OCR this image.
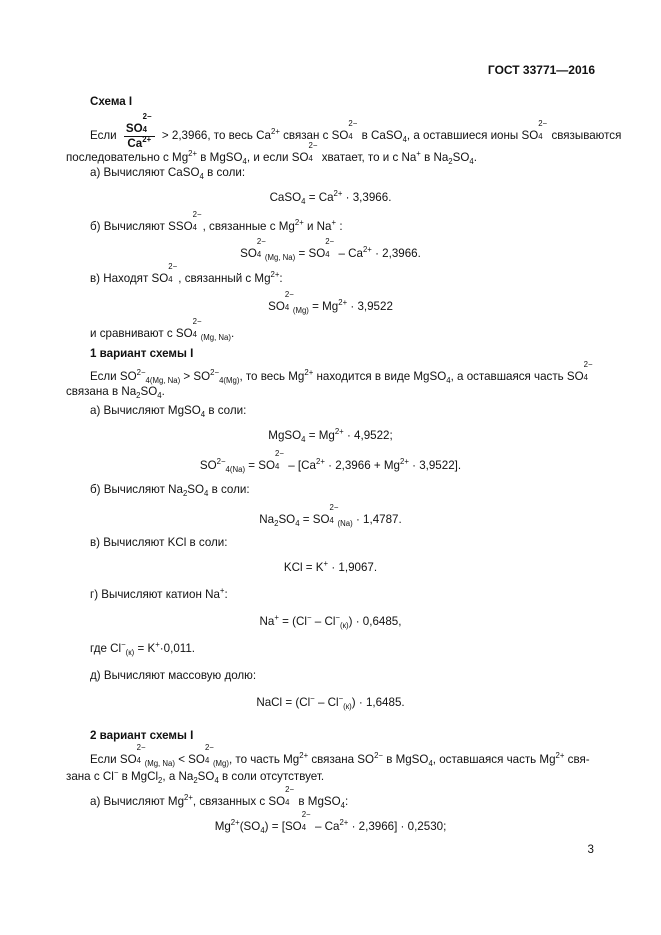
ГОСТ 33771—2016
Схема I
Если SO
2−
4
$Ca^{2+} > 2,3966$, то весь $Ca^{2+}$ связан с SO
2−
4 в CaSO$_4$, а оставшиеся ионы SO
2−
4 связываются
последовательно с $Mg^{2+}$ в MgSO$_4$, и если SO
2−
4 хватает, то и с Na+ в $Na_2SO_4$.
а) Вычисляют CaSO$_4$ в соли:
CaSO$_4$ = $Ca^{2+} \cdot 3,3966$.
б) Вычисляют SSO
2−
4 , связанные с $Mg^{2+}$ и Na+ :
SO
2−
4 $_{(Mg, Na)}$ = SO
2−
$4 - Ca^{2+} \cdot 2,3966$.
в) Находят SO
2−
4 , связанный с $Mg^{2+}$:
SO
2−
4 $_{(Mg)} = Mg^{2+} \cdot 3,9522$
и сравнивают с SO
2−
4 $_{(Mg, Na)}$.
1 вариант схемы I
Если $SO^{2-}_{4(Mg, Na)} > SO^{2-}_{4(Mg)}$, то весь $Mg^{2+}$ находится в виде MgSO$_4$, а оставшаяся часть SO
2−
4
связана в $Na_2SO_4$.
а) Вычисляют MgSO$_4$ в соли:
MgSO$_4$ = $Mg^{2+} \cdot 4,9522$;
$SO^{2-}_{4(Na)}$ = SO
2−
$4 - [Ca^{2+} \cdot 2,3966 + Mg^{2+} \cdot 3,9522]$.
б) Вычисляют $Na_2SO_4$ в соли:
$Na_2SO_4$ = SO
2−
4 $_{(Na)}$ · 1,4787.
в) Вычисляют KCl в соли:
KCl = K+ · 1,9067.
г) Вычисляют катион Na+:
$Na^+ = (Cl^- - Cl^-_{(к)}) \cdot 0,6485$,
где $Cl^-_{(к)} = K^+\cdot 0,011$.
д) Вычисляют массовую долю:
NaCl = $(Cl^- - Cl^-_{(к)}) \cdot 1,6485$.
2 вариант схемы I
Если SO
2−
4 $_{(Mg, Na)}$ < SO
2−
4 $_{(Mg)}$, то часть $Mg^{2+}$ связана $SO^{2-}$ в MgSO$_4$, оставшаяся часть $Mg^{2+}$ свя-
зана с Cl− в MgCl$_2$, а $Na_2SO_4$ в соли отсутствует.
а) Вычисляют $Mg^{2+}$, связанных с SO
2−
4 в MgSO$_4$:
$Mg^{2+}(SO_4) = [SO$
2−
$4 - Ca^{2+} \cdot 2,3966] \cdot 0,2530$;
3
